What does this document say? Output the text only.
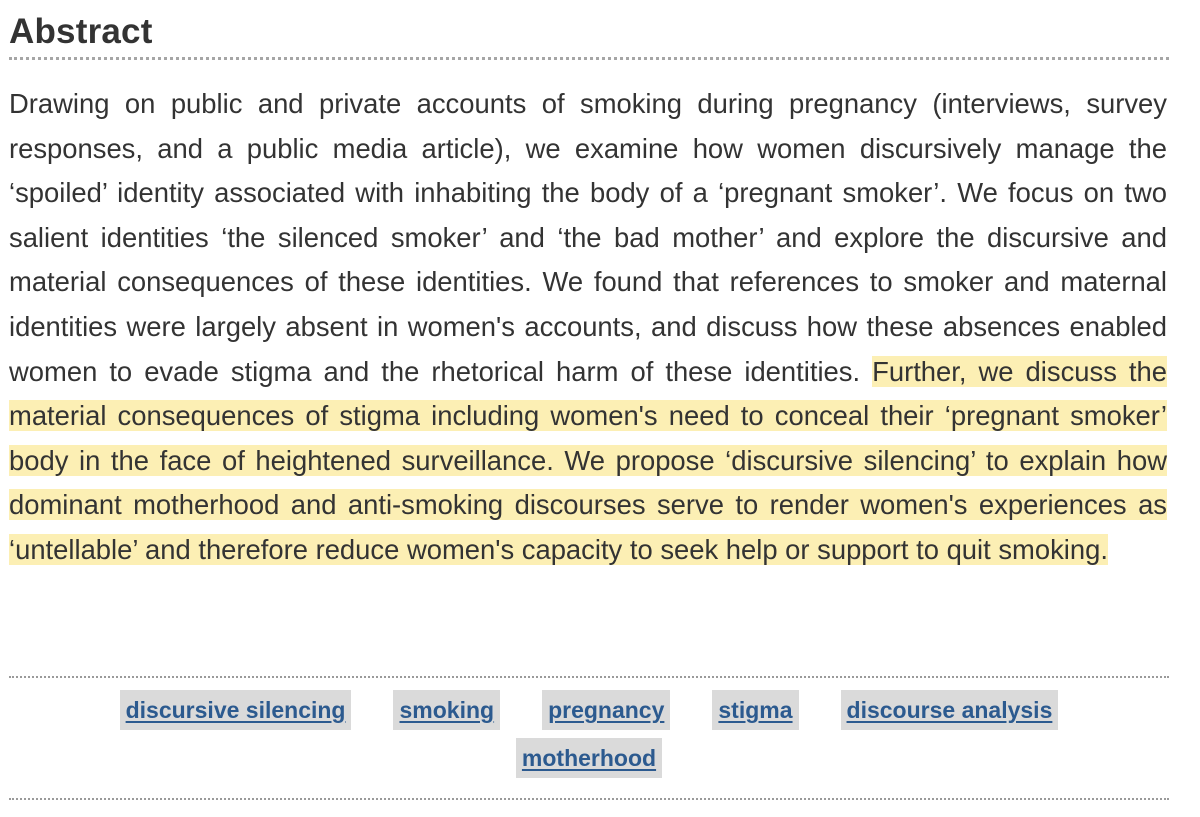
Abstract

Drawing on public and private accounts of smoking during pregnancy (interviews, survey responses, and a public media article), we examine how women discursively manage the ‘spoiled’ identity associated with inhabiting the body of a ‘pregnant smoker’. We focus on two salient identities ‘the silenced smoker’ and ‘the bad mother’ and explore the discursive and material consequences of these identities. We found that references to smoker and maternal identities were largely absent in women's accounts, and discuss how these absences enabled women to evade stigma and the rhetorical harm of these identities. Further, we discuss the material consequences of stigma including women's need to conceal their ‘pregnant smoker’ body in the face of heightened surveillance. We propose ‘discursive silencing’ to explain how dominant motherhood and anti-smoking discourses serve to render women's experiences as ‘untellable’ and therefore reduce women's capacity to seek help or support to quit smoking.

discursive silencing smoking pregnancy stigma discourse analysis
motherhood
